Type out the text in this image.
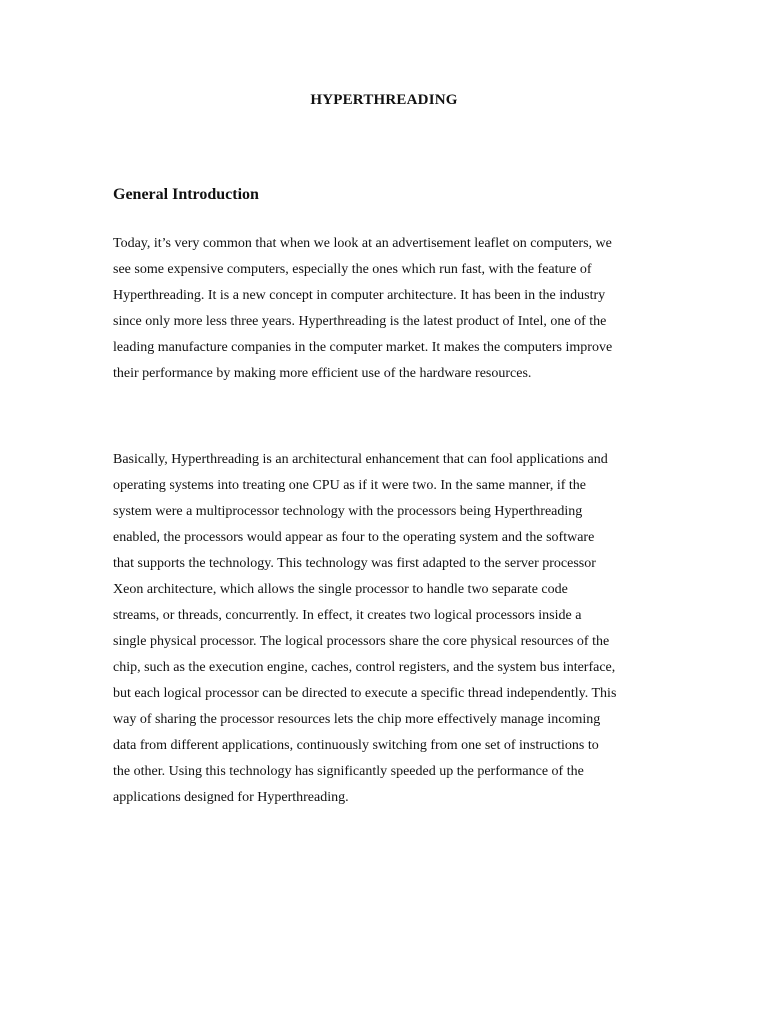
HYPERTHREADING
General Introduction
Today, it’s very common that when we look at an advertisement leaflet on computers, we
see some expensive computers, especially the ones which run fast, with the feature of
Hyperthreading. It is a new concept in computer architecture. It has been in the industry
since only more less three years. Hyperthreading is the latest product of Intel, one of the
leading manufacture companies in the computer market. It makes the computers improve
their performance by making more efficient use of the hardware resources.
Basically, Hyperthreading is an architectural enhancement that can fool applications and
operating systems into treating one CPU as if it were two. In the same manner, if the
system were a multiprocessor technology with the processors being Hyperthreading
enabled, the processors would appear as four to the operating system and the software
that supports the technology. This technology was first adapted to the server processor
Xeon architecture, which allows the single processor to handle two separate code
streams, or threads, concurrently. In effect, it creates two logical processors inside a
single physical processor. The logical processors share the core physical resources of the
chip, such as the execution engine, caches, control registers, and the system bus interface,
but each logical processor can be directed to execute a specific thread independently. This
way of sharing the processor resources lets the chip more effectively manage incoming
data from different applications, continuously switching from one set of instructions to
the other. Using this technology has significantly speeded up the performance of the
applications designed for Hyperthreading.
